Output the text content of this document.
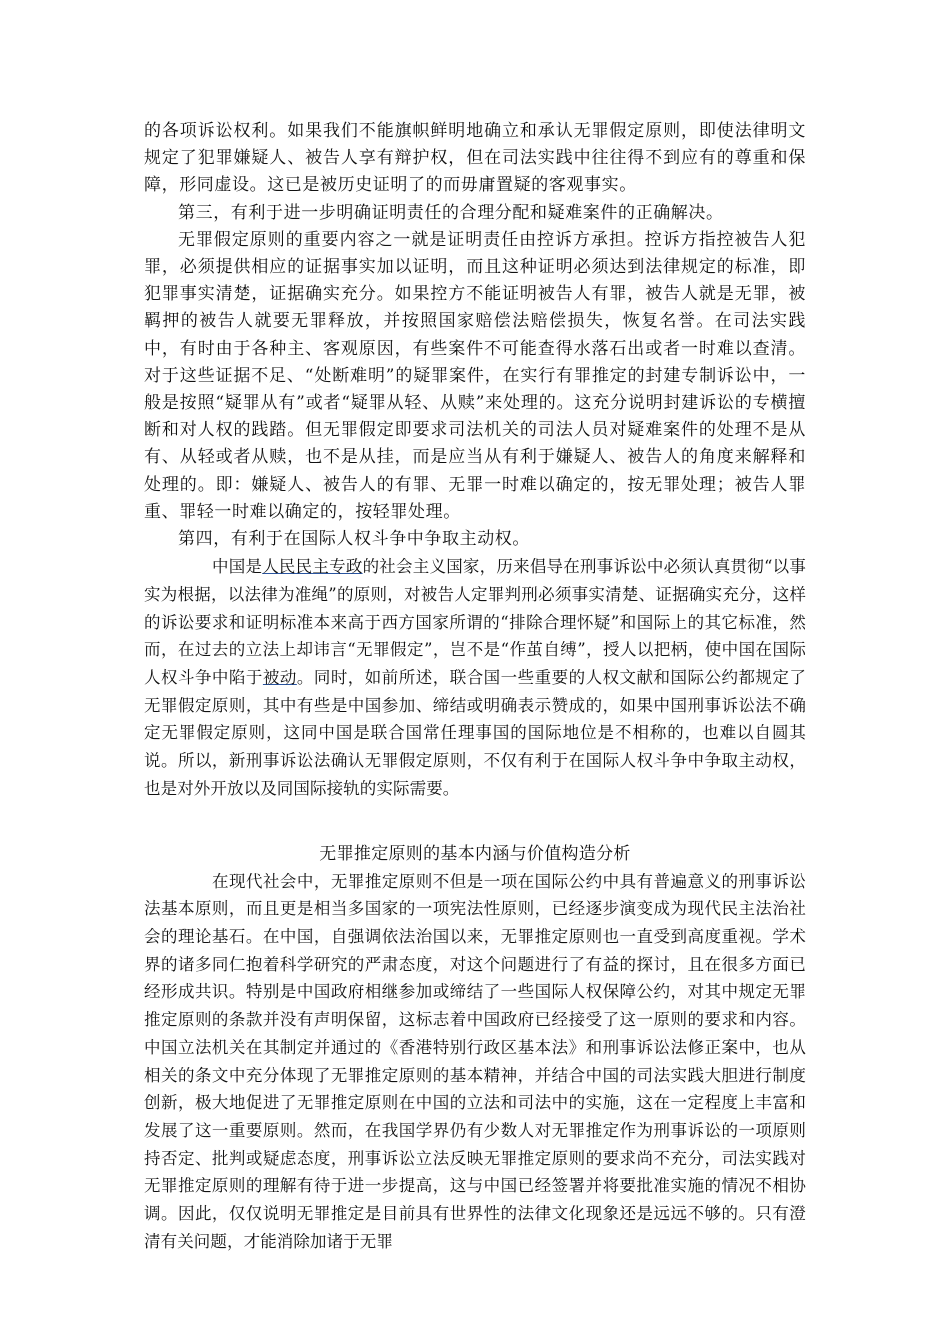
的各项诉讼权利。如果我们不能旗帜鲜明地确立和承认无罪假定原则，即使法律明文规定了犯罪嫌疑人、被告人享有辩护权，但在司法实践中往往得不到应有的尊重和保障，形同虚设。这已是被历史证明了的而毋庸置疑的客观事实。

第三，有利于进一步明确证明责任的合理分配和疑难案件的正确解决。

无罪假定原则的重要内容之一就是证明责任由控诉方承担。控诉方指控被告人犯罪，必须提供相应的证据事实加以证明，而且这种证明必须达到法律规定的标准，即犯罪事实清楚，证据确实充分。如果控方不能证明被告人有罪，被告人就是无罪，被羁押的被告人就要无罪释放，并按照国家赔偿法赔偿损失，恢复名誉。在司法实践中，有时由于各种主、客观原因，有些案件不可能查得水落石出或者一时难以查清。对于这些证据不足、“处断难明”的疑罪案件，在实行有罪推定的封建专制诉讼中，一般是按照“疑罪从有”或者“疑罪从轻、从赎”来处理的。这充分说明封建诉讼的专横擅断和对人权的践踏。但无罪假定即要求司法机关的司法人员对疑难案件的处理不是从有、从轻或者从赎，也不是从挂，而是应当从有利于嫌疑人、被告人的角度来解释和处理的。即：嫌疑人、被告人的有罪、无罪一时难以确定的，按无罪处理；被告人罪重、罪轻一时难以确定的，按轻罪处理。

第四，有利于在国际人权斗争中争取主动权。

中国是人民民主专政的社会主义国家，历来倡导在刑事诉讼中必须认真贯彻“以事实为根据，以法律为准绳”的原则，对被告人定罪判刑必须事实清楚、证据确实充分，这样的诉讼要求和证明标准本来高于西方国家所谓的“排除合理怀疑”和国际上的其它标准，然而，在过去的立法上却讳言“无罪假定”，岂不是“作茧自缚”，授人以把柄，使中国在国际人权斗争中陷于被动。同时，如前所述，联合国一些重要的人权文献和国际公约都规定了无罪假定原则，其中有些是中国参加、缔结或明确表示赞成的，如果中国刑事诉讼法不确定无罪假定原则，这同中国是联合国常任理事国的国际地位是不相称的，也难以自圆其说。所以，新刑事诉讼法确认无罪假定原则，不仅有利于在国际人权斗争中争取主动权，也是对外开放以及同国际接轨的实际需要。

无罪推定原则的基本内涵与价值构造分析

在现代社会中，无罪推定原则不但是一项在国际公约中具有普遍意义的刑事诉讼法基本原则，而且更是相当多国家的一项宪法性原则，已经逐步演变成为现代民主法治社会的理论基石。在中国，自强调依法治国以来，无罪推定原则也一直受到高度重视。学术界的诸多同仁抱着科学研究的严肃态度，对这个问题进行了有益的探讨，且在很多方面已经形成共识。特别是中国政府相继参加或缔结了一些国际人权保障公约，对其中规定无罪推定原则的条款并没有声明保留，这标志着中国政府已经接受了这一原则的要求和内容。中国立法机关在其制定并通过的《香港特别行政区基本法》和刑事诉讼法修正案中，也从相关的条文中充分体现了无罪推定原则的基本精神，并结合中国的司法实践大胆进行制度创新，极大地促进了无罪推定原则在中国的立法和司法中的实施，这在一定程度上丰富和发展了这一重要原则。然而，在我国学界仍有少数人对无罪推定作为刑事诉讼的一项原则持否定、批判或疑虑态度，刑事诉讼立法反映无罪推定原则的要求尚不充分，司法实践对无罪推定原则的理解有待于进一步提高，这与中国已经签署并将要批准实施的情况不相协调。因此，仅仅说明无罪推定是目前具有世界性的法律文化现象还是远远不够的。只有澄清有关问题，才能消除加诸于无罪
